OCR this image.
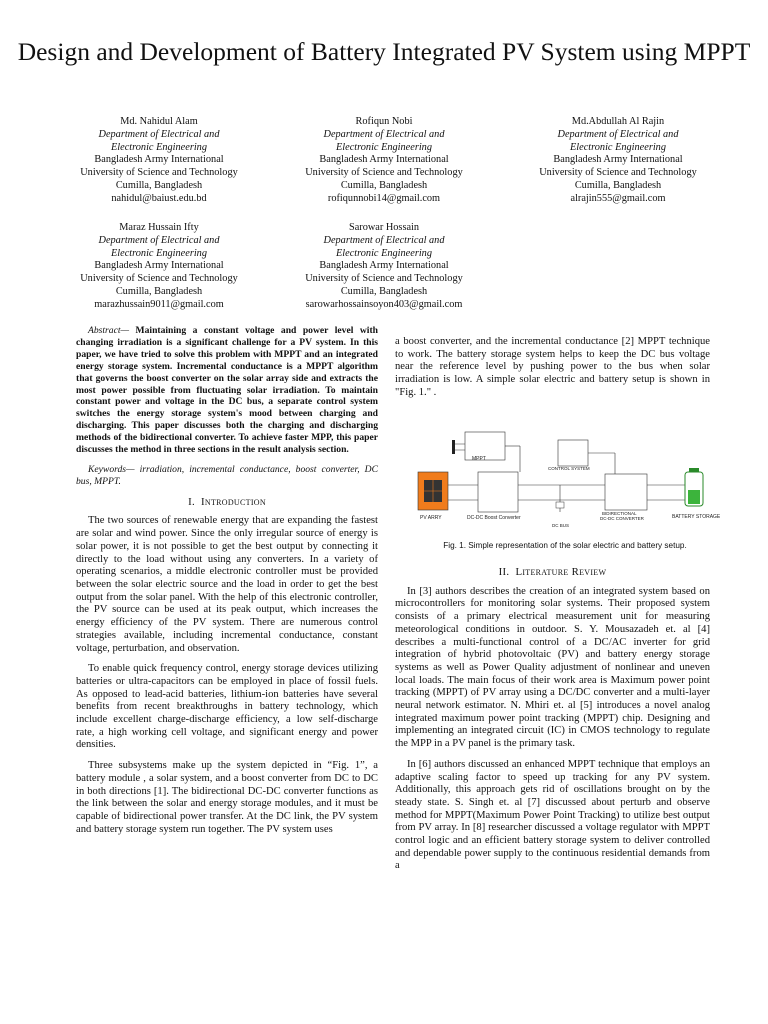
Design and Development of Battery Integrated PV System using MPPT
Md. Nahidul Alam
Department of Electrical and
Electronic Engineering
Bangladesh Army International
University of Science and Technology
Cumilla, Bangladesh
nahidul@baiust.edu.bd
Rofiqun Nobi
Department of Electrical and
Electronic Engineering
Bangladesh Army International
University of Science and Technology
Cumilla, Bangladesh
rofiqunnobi14@gmail.com
Md.Abdullah Al Rajin
Department of Electrical and
Electronic Engineering
Bangladesh Army International
University of Science and Technology
Cumilla, Bangladesh
alrajin555@gmail.com
Maraz Hussain Ifty
Department of Electrical and
Electronic Engineering
Bangladesh Army International
University of Science and Technology
Cumilla, Bangladesh
marazhussain9011@gmail.com
Sarowar Hossain
Department of Electrical and
Electronic Engineering
Bangladesh Army International
University of Science and Technology
Cumilla, Bangladesh
sarowarhossainsoyon403@gmail.com

Abstract— Maintaining a constant voltage and power level with changing irradiation is a significant challenge for a PV system. In this paper, we have tried to solve this problem with MPPT and an integrated energy storage system. Incremental conductance is a MPPT algorithm that governs the boost converter on the solar array side and extracts the most power possible from fluctuating solar irradiation. To maintain constant power and voltage in the DC bus, a separate control system switches the energy storage system's mood between charging and discharging. This paper discusses both the charging and discharging methods of the bidirectional converter. To achieve faster MPP, this paper discusses the method in three sections in the result analysis section.

Keywords— irradiation, incremental conductance, boost converter, DC bus, MPPT.

I. Introduction

The two sources of renewable energy that are expanding the fastest are solar and wind power. Since the only irregular source of energy is solar power, it is not possible to get the best output by connecting it directly to the load without using any converters. In a variety of operating scenarios, a middle electronic controller must be provided between the solar electric source and the load in order to get the best output from the solar panel. With the help of this electronic controller, the PV source can be used at its peak output, which increases the energy efficiency of the PV system. There are numerous control strategies available, including incremental conductance, constant voltage, perturbation, and observation.

To enable quick frequency control, energy storage devices utilizing batteries or ultra-capacitors can be employed in place of fossil fuels. As opposed to lead-acid batteries, lithium-ion batteries have several benefits from recent breakthroughs in battery technology, which include excellent charge-discharge efficiency, a low self-discharge rate, a high working cell voltage, and significant energy and power densities.

Three subsystems make up the system depicted in “Fig. 1”, a battery module , a solar system, and a boost converter from DC to DC in both directions [1]. The bidirectional DC-DC converter functions as the link between the solar and energy storage modules, and it must be capable of bidirectional power transfer. At the DC link, the PV system and battery storage system run together. The PV system uses

a boost converter, and the incremental conductance [2] MPPT technique to work. The battery storage system helps to keep the DC bus voltage near the reference level by pushing power to the bus when solar irradiation is low. A simple solar electric and battery setup is shown in "Fig. 1." .

MPPT
CONTROL SYSTEM
PV ARRY	DC-DC Boost Converter
DC BUS
BIDIRECTIONAL
DC-DC CONVERTER	BATTERY STORAGE
Fig. 1. Simple representation of the solar electric and battery setup.
II. Literature Review

In [3] authors describes the creation of an integrated system based on microcontrollers for monitoring solar systems. Their proposed system consists of a primary electrical measurement unit for measuring meteorological conditions in outdoor. S. Y. Mousazadeh et. al [4] describes a multi-functional control of a DC/AC inverter for grid integration of hybrid photovoltaic (PV) and battery energy storage systems as well as Power Quality adjustment of nonlinear and uneven local loads. The main focus of their work area is Maximum power point tracking (MPPT) of PV array using a DC/DC converter and a multi-layer neural network estimator. N. Mhiri et. al [5] introduces a novel analog integrated maximum power point tracking (MPPT) chip. Designing and implementing an integrated circuit (IC) in CMOS technology to regulate the MPP in a PV panel is the primary task.

In [6] authors discussed an enhanced MPPT technique that employs an adaptive scaling factor to speed up tracking for any PV system. Additionally, this approach gets rid of oscillations brought on by the steady state. S. Singh et. al [7] discussed about perturb and observe method for MPPT(Maximum Power Point Tracking) to utilize best output from PV array. In [8] researcher discussed a voltage regulator with MPPT control logic and an efficient battery storage system to deliver controlled and dependable power supply to the continuous residential demands from a
